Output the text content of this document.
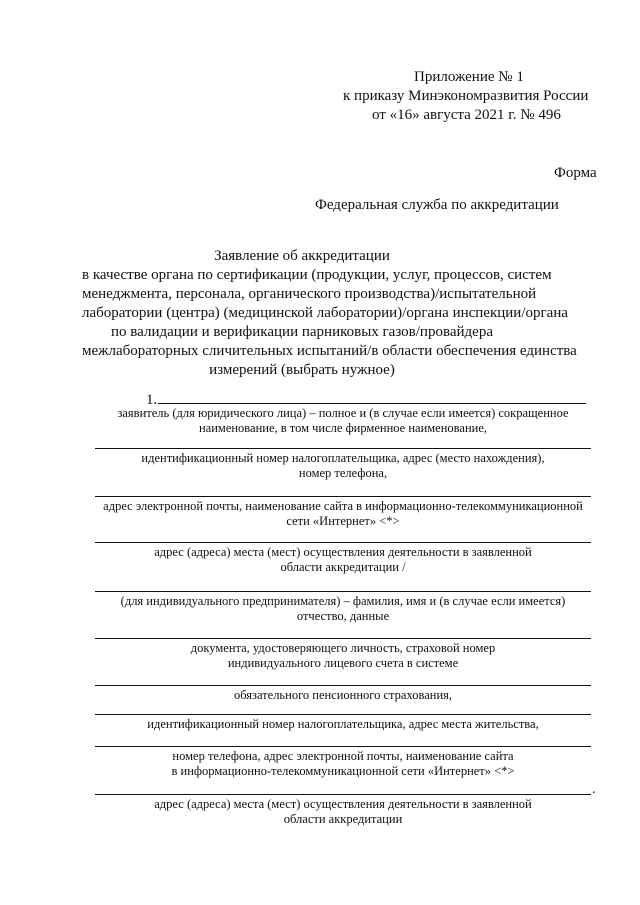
Приложение № 1
к приказу Минэкономразвития России
от «16» августа 2021 г. № 496
Форма
Федеральная служба по аккредитации
Заявление об аккредитации
в качестве органа по сертификации (продукции, услуг, процессов, систем
менеджмента, персонала, органического производства)/испытательной
лаборатории (центра) (медицинской лаборатории)/органа инспекции/органа
по валидации и верификации парниковых газов/провайдера
межлабораторных сличительных испытаний/в области обеспечения единства
измерений (выбрать нужное)
1.
заявитель (для юридического лица) – полное и (в случае если имеется) сокращенное
наименование, в том числе фирменное наименование,
идентификационный номер налогоплательщика, адрес (место нахождения),
номер телефона,
адрес электронной почты, наименование сайта в информационно-телекоммуникационной
сети «Интернет» <*>
адрес (адреса) места (мест) осуществления деятельности в заявленной
области аккредитации /
(для индивидуального предпринимателя) – фамилия, имя и (в случае если имеется)
отчество, данные
документа, удостоверяющего личность, страховой номер
индивидуального лицевого счета в системе
обязательного пенсионного страхования,
идентификационный номер налогоплательщика, адрес места жительства,
номер телефона, адрес электронной почты, наименование сайта
в информационно-телекоммуникационной сети «Интернет» <*>
адрес (адреса) места (мест) осуществления деятельности в заявленной
области аккредитации
.
